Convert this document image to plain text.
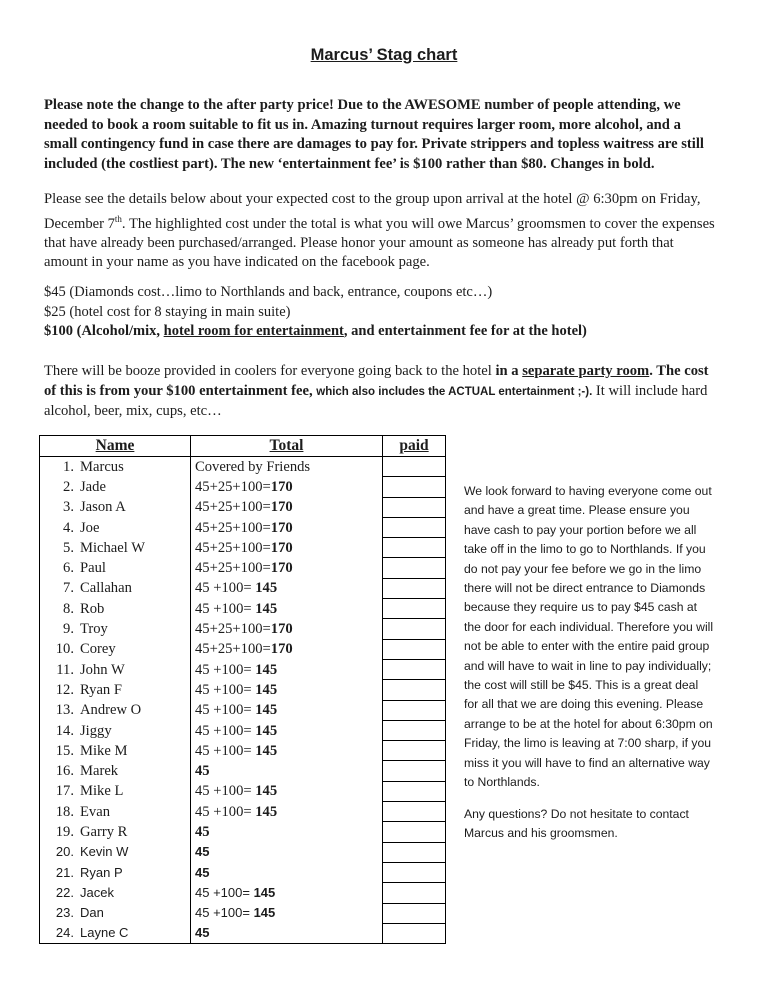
Marcus’ Stag chart

Please note the change to the after party price! Due to the AWESOME number of people attending, we needed to book a room suitable to fit us in. Amazing turnout requires larger room, more alcohol, and a small contingency fund in case there are damages to pay for. Private strippers and topless waitress are still included (the costliest part). The new ‘entertainment fee’ is $100 rather than $80. Changes in bold.

Please see the details below about your expected cost to the group upon arrival at the hotel @ 6:30pm on Friday, December 7th. The highlighted cost under the total is what you will owe Marcus’ groomsmen to cover the expenses that have already been purchased/arranged. Please honor your amount as someone has already put forth that amount in your name as you have indicated on the facebook page.

$45 (Diamonds cost…limo to Northlands and back, entrance, coupons etc…)
$25 (hotel cost for 8 staying in main suite)
$100 (Alcohol/mix, hotel room for entertainment, and entertainment fee for at the hotel)

There will be booze provided in coolers for everyone going back to the hotel in a separate party room. The cost of this is from your $100 entertainment fee, which also includes the ACTUAL entertainment ;-). It will include hard alcohol, beer, mix, cups, etc…

Name	Total	paid
1. Marcus	Covered by Friends	
2. Jade	45+25+100=170	
3. Jason A	45+25+100=170	
4. Joe	45+25+100=170	
5. Michael W	45+25+100=170	
6. Paul	45+25+100=170	
7. Callahan	45 +100= 145	
8. Rob	45 +100= 145	
9. Troy	45+25+100=170	
10. Corey	45+25+100=170	
11. John W	45 +100= 145	
12. Ryan F	45 +100= 145	
13. Andrew O	45 +100= 145	
14. Jiggy	45 +100= 145	
15. Mike M	45 +100= 145	
16. Marek	45	
17. Mike L	45 +100= 145	
18. Evan	45 +100= 145	
19. Garry R	45	
20. Kevin W	45	
21. Ryan P	45	
22. Jacek	45 +100= 145	
23. Dan	45 +100= 145	
24. Layne C	45	

We look forward to having everyone come out and have a great time. Please ensure you have cash to pay your portion before we all take off in the limo to go to Northlands. If you do not pay your fee before we go in the limo there will not be direct entrance to Diamonds because they require us to pay $45 cash at the door for each individual. Therefore you will not be able to enter with the entire paid group and will have to wait in line to pay individually; the cost will still be $45. This is a great deal for all that we are doing this evening. Please arrange to be at the hotel for about 6:30pm on Friday, the limo is leaving at 7:00 sharp, if you miss it you will have to find an alternative way to Northlands.

Any questions? Do not hesitate to contact Marcus and his groomsmen.
